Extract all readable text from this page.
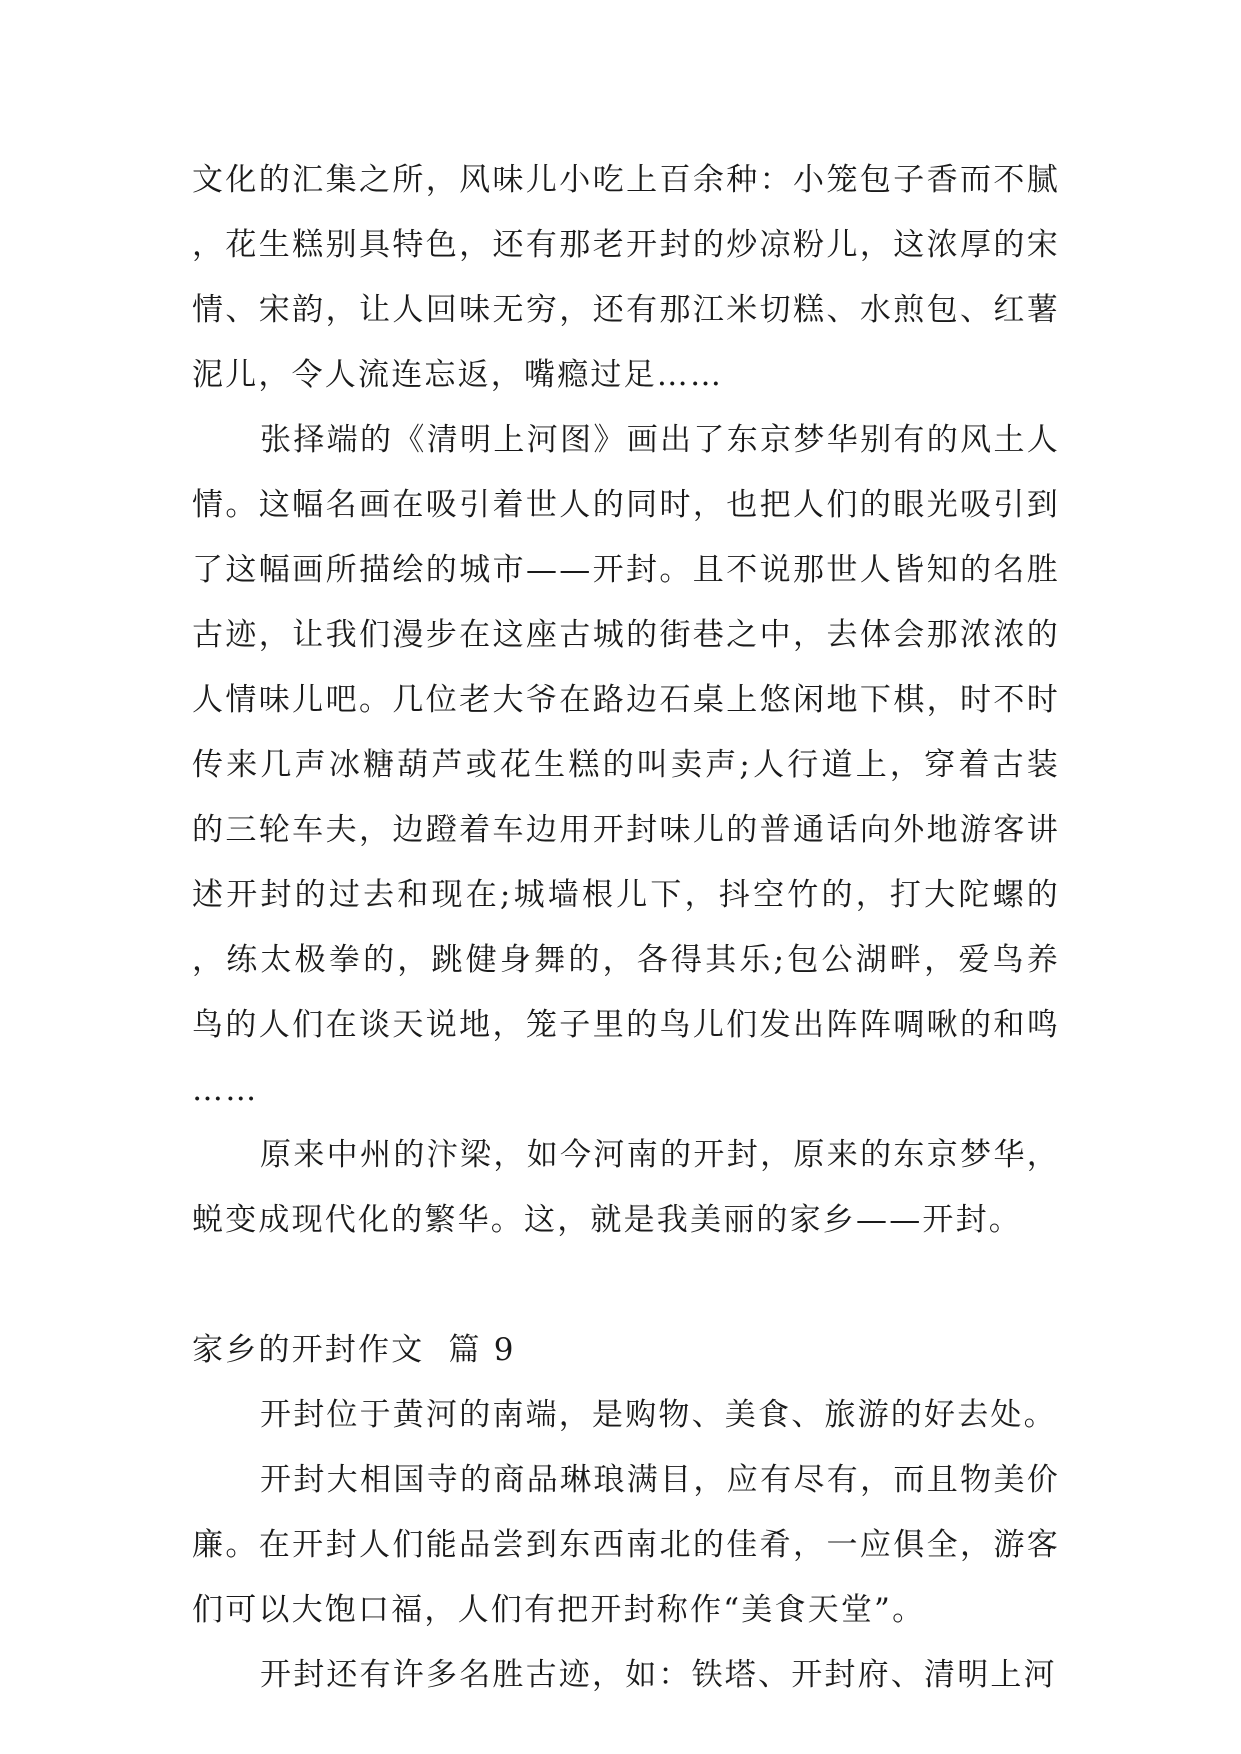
文化的汇集之所，风味儿小吃上百余种：小笼包子香而不腻，花生糕别具特色，还有那老开封的炒凉粉儿，这浓厚的宋情、宋韵，让人回味无穷，还有那江米切糕、水煎包、红薯泥儿，令人流连忘返，嘴瘾过足……

张择端的《清明上河图》画出了东京梦华别有的风土人情。这幅名画在吸引着世人的同时，也把人们的眼光吸引到了这幅画所描绘的城市——开封。且不说那世人皆知的名胜古迹，让我们漫步在这座古城的街巷之中，去体会那浓浓的人情味儿吧。几位老大爷在路边石桌上悠闲地下棋，时不时传来几声冰糖葫芦或花生糕的叫卖声;人行道上，穿着古装的三轮车夫，边蹬着车边用开封味儿的普通话向外地游客讲述开封的过去和现在;城墙根儿下，抖空竹的，打大陀螺的，练太极拳的，跳健身舞的，各得其乐;包公湖畔，爱鸟养鸟的人们在谈天说地，笼子里的鸟儿们发出阵阵啁啾的和鸣……

原来中州的汴梁，如今河南的开封，原来的东京梦华，蜕变成现代化的繁华。这，就是我美丽的家乡——开封。

家乡的开封作文  篇 9

开封位于黄河的南端，是购物、美食、旅游的好去处。

开封大相国寺的商品琳琅满目，应有尽有，而且物美价廉。在开封人们能品尝到东西南北的佳肴，一应俱全，游客们可以大饱口福，人们有把开封称作“美食天堂”。

开封还有许多名胜古迹，如：铁塔、开封府、清明上河
